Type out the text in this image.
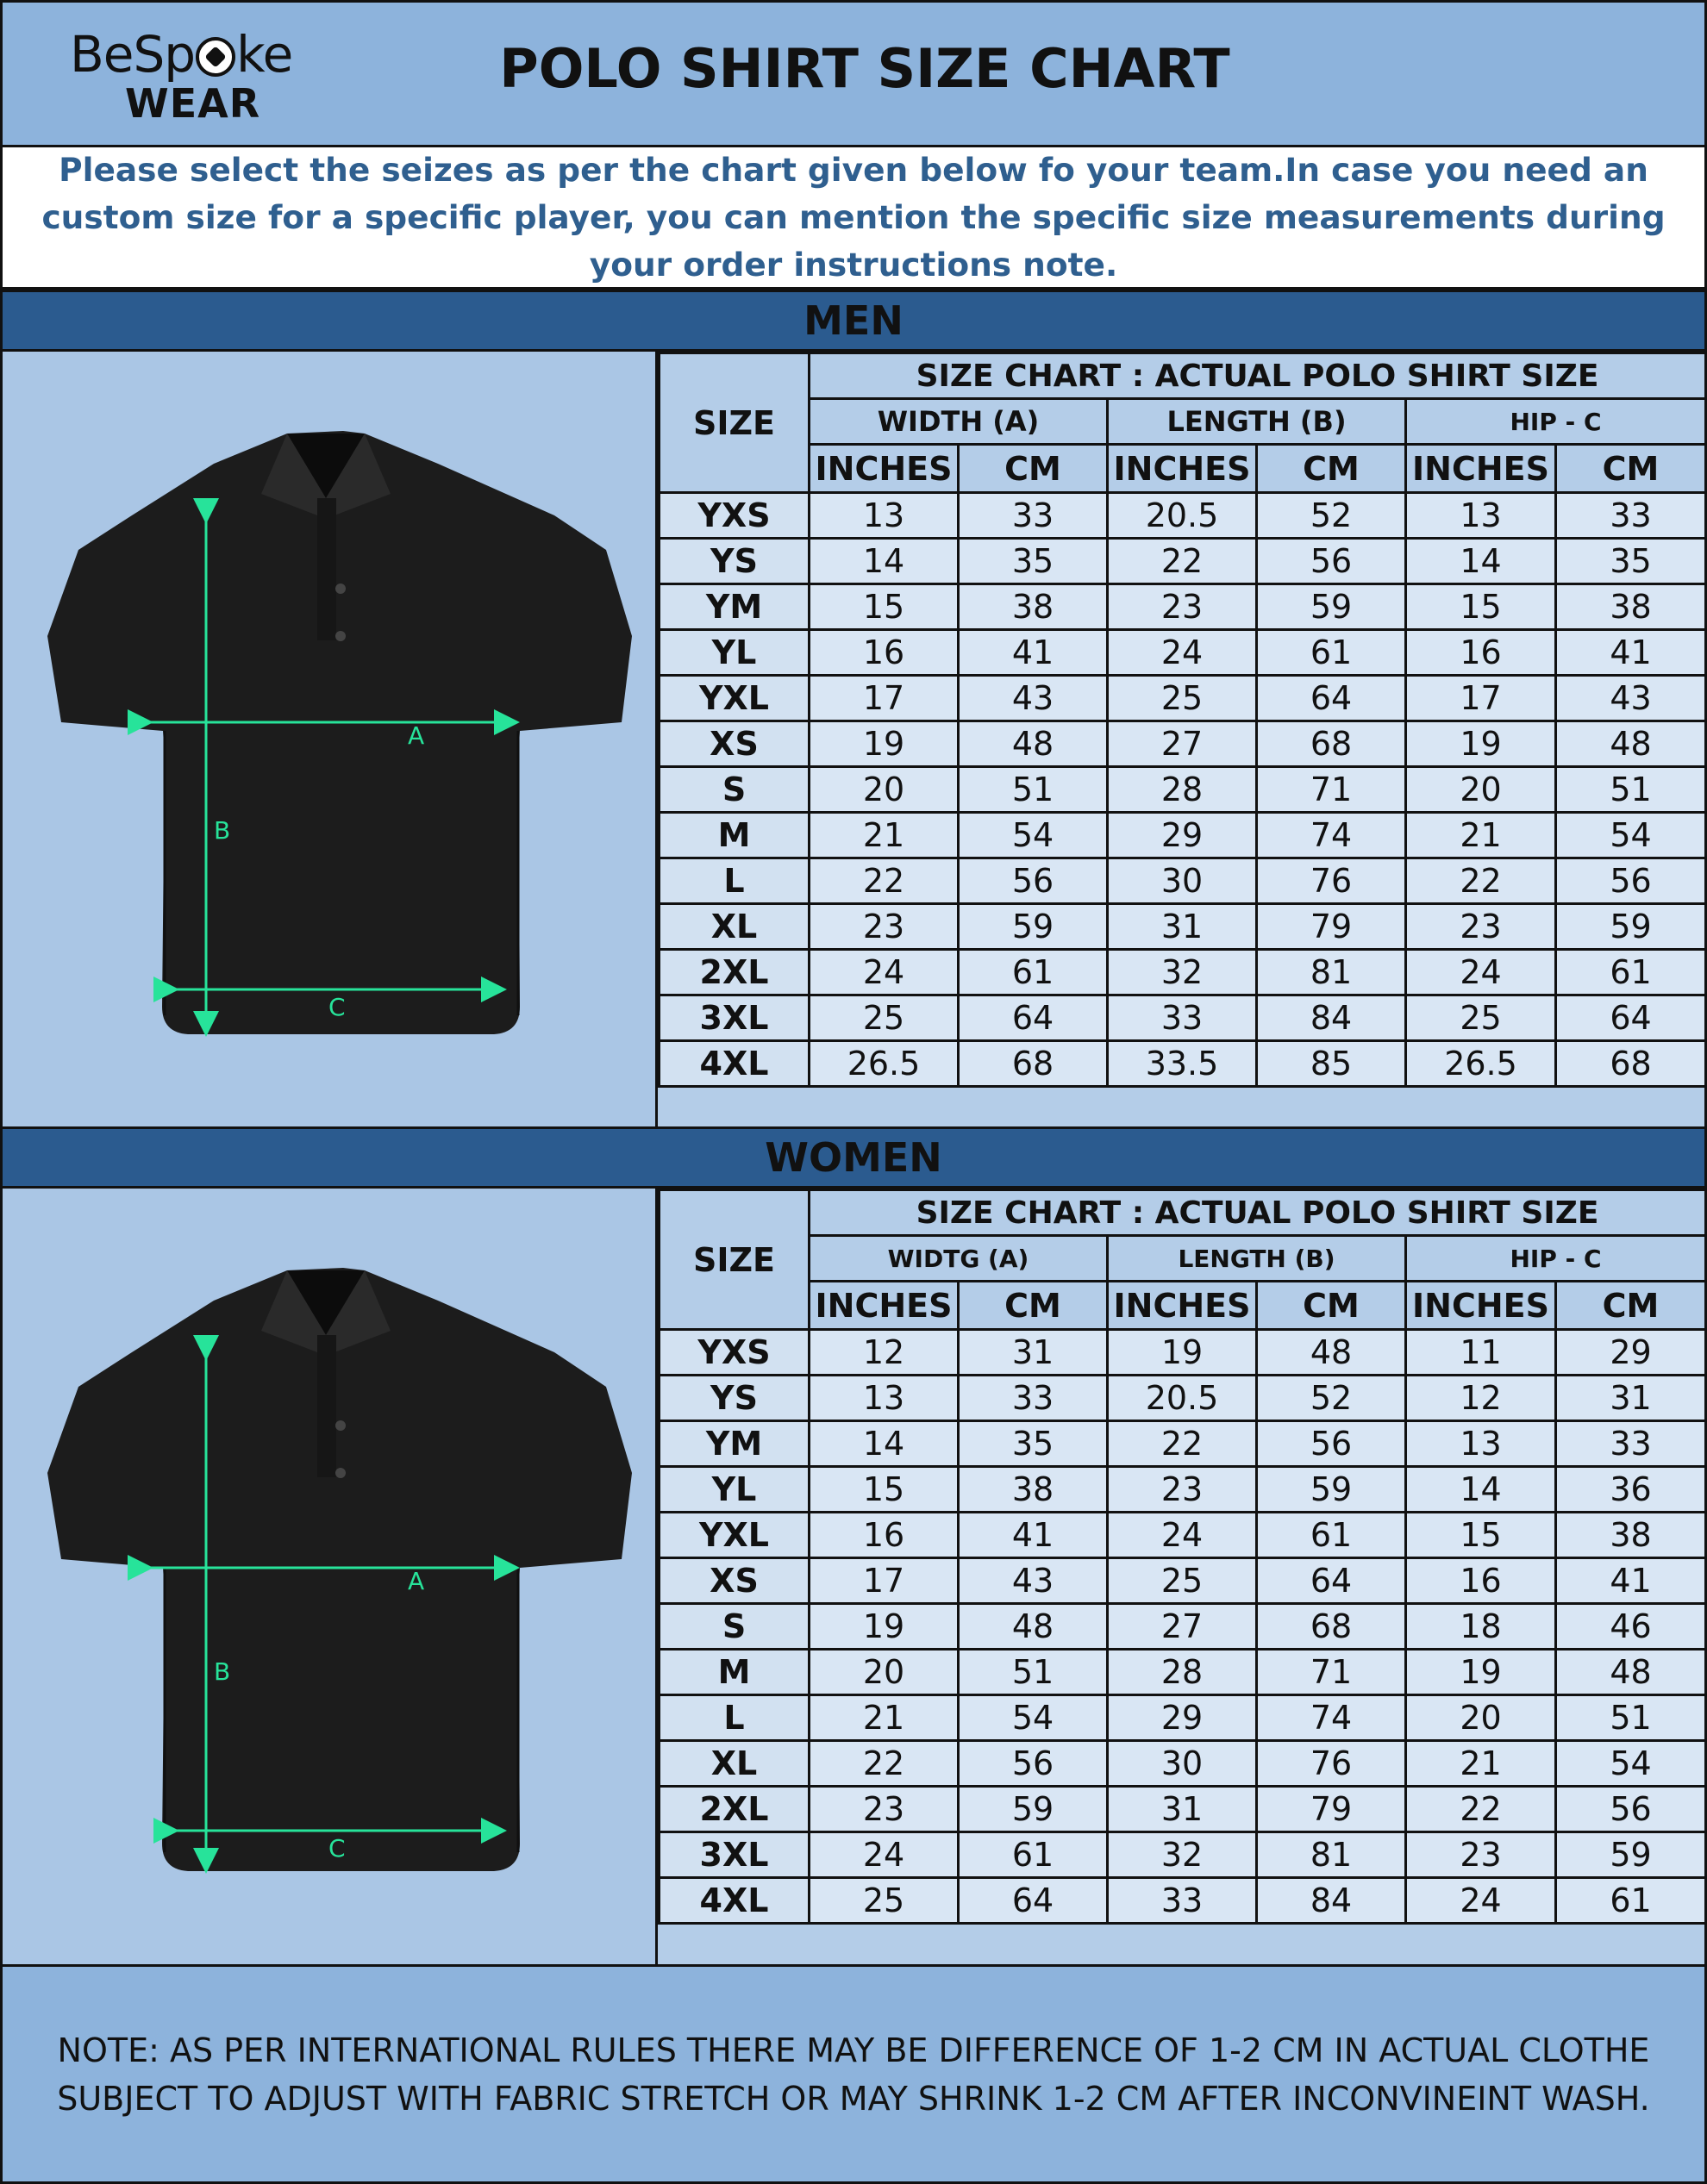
BeSp ke
WEAR
POLO SHIRT SIZE CHART
Please select the seizes as per the chart given below fo your team.In case you need an custom size for a specific player, you can mention the specific size measurements during your order instructions note.
MEN
A
B
C
SIZE	SIZE CHART : ACTUAL POLO SHIRT SIZE					
	WIDTH (A)		LENGTH (B)		HIP - C	
	INCHES	CM	INCHES	CM	INCHES	CM
YXS	13	33	20.5	52	13	33
YS	14	35	22	56	14	35
YM	15	38	23	59	15	38
YL	16	41	24	61	16	41
YXL	17	43	25	64	17	43
XS	19	48	27	68	19	48
S	20	51	28	71	20	51
M	21	54	29	74	21	54
L	22	56	30	76	22	56
XL	23	59	31	79	23	59
2XL	24	61	32	81	24	61
3XL	25	64	33	84	25	64
4XL	26.5	68	33.5	85	26.5	68
WOMEN
A
B
C
SIZE	SIZE CHART : ACTUAL POLO SHIRT SIZE					
	WIDTG (A)		LENGTH (B)		HIP - C	
	INCHES	CM	INCHES	CM	INCHES	CM
YXS	12	31	19	48	11	29
YS	13	33	20.5	52	12	31
YM	14	35	22	56	13	33
YL	15	38	23	59	14	36
YXL	16	41	24	61	15	38
XS	17	43	25	64	16	41
S	19	48	27	68	18	46
M	20	51	28	71	19	48
L	21	54	29	74	20	51
XL	22	56	30	76	21	54
2XL	23	59	31	79	22	56
3XL	24	61	32	81	23	59
4XL	25	64	33	84	24	61
NOTE: AS PER INTERNATIONAL RULES THERE MAY BE DIFFERENCE OF 1-2 CM IN ACTUAL CLOTHE SUBJECT TO ADJUST WITH FABRIC STRETCH OR MAY SHRINK 1-2 CM AFTER INCONVINEINT WASH.
